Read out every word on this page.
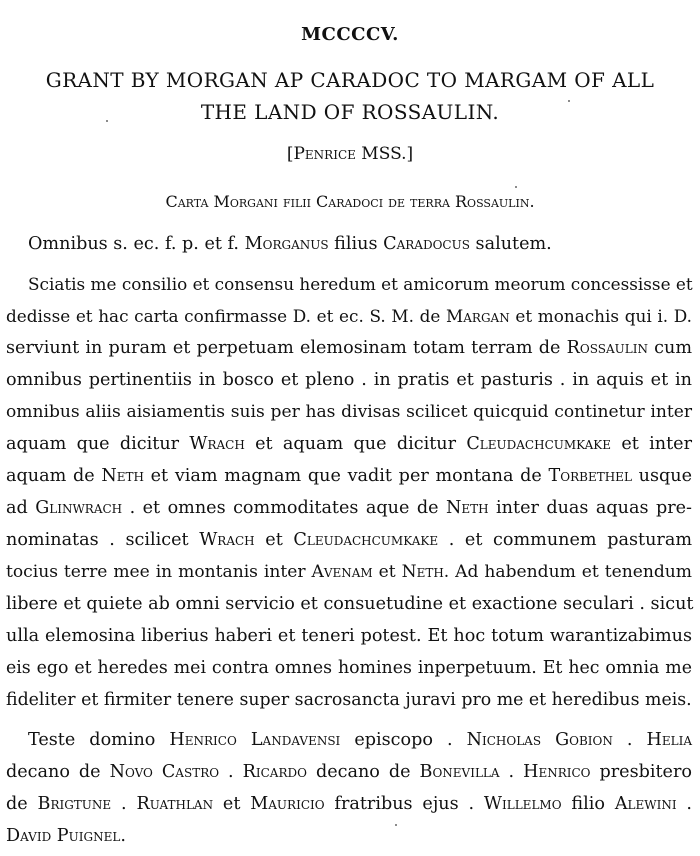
MCCCCV.
GRANT BY MORGAN AP CARADOC TO MARGAM OF ALL
THE LAND OF ROSSAULIN.
[Penrice MSS.]
Carta Morgani filii Caradoci de terra Rossaulin.
Omnibus s. ec. f. p. et f. Morganus filius Caradocus salutem.
Sciatis me consilio et consensu heredum et amicorum meorum concessisse et
dedisse et hac carta confirmasse D. et ec. S. M. de Margan et monachis qui i. D.
serviunt in puram et perpetuam elemosinam totam terram de Rossaulin cum
omnibus pertinentiis in bosco et pleno . in pratis et pasturis . in aquis et in
omnibus aliis aisiamentis suis per has divisas scilicet quicquid continetur inter
aquam que dicitur Wrach et aquam que dicitur Cleudachcumkake et inter
aquam de Neth et viam magnam que vadit per montana de Torbethel usque
ad Glinwrach . et omnes commoditates aque de Neth inter duas aquas pre-
nominatas . scilicet Wrach et Cleudachcumkake . et communem pasturam
tocius terre mee in montanis inter Avenam et Neth. Ad habendum et tenendum
libere et quiete ab omni servicio et consuetudine et exactione seculari . sicut
ulla elemosina liberius haberi et teneri potest. Et hoc totum warantizabimus
eis ego et heredes mei contra omnes homines inperpetuum. Et hec omnia me
fideliter et firmiter tenere super sacrosancta juravi pro me et heredibus meis.
Teste domino Henrico Landavensi episcopo . Nicholas Gobion . Helia
decano de Novo Castro . Ricardo decano de Bonevilla . Henrico presbitero
de Brigtune . Ruathlan et Mauricio fratribus ejus . Willelmo filio Alewini .
David Puignel.
